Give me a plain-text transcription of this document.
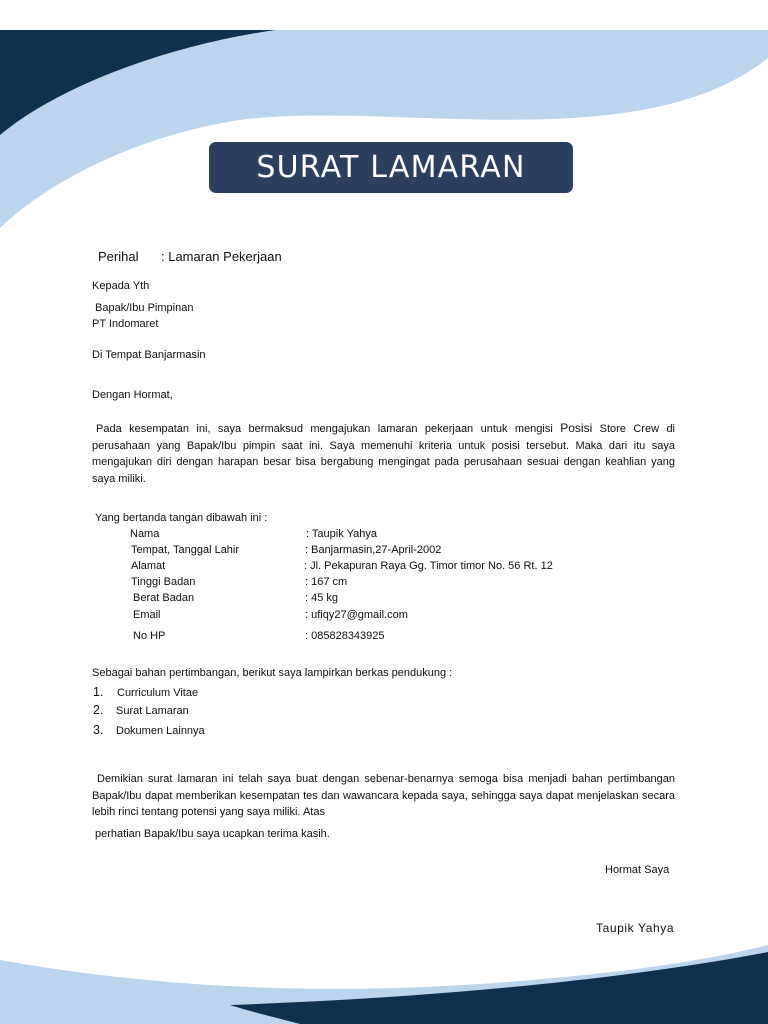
SURAT LAMARAN
Perihal : Lamaran Pekerjaan
Kepada Yth
Bapak/Ibu Pimpinan
PT Indomaret
Di Tempat Banjarmasin
Dengan Hormat,
Pada kesempatan ini, saya bermaksud mengajukan lamaran pekerjaan untuk mengisi Posisi Store Crew di perusahaan yang Bapak/Ibu pimpin saat ini. Saya memenuhi kriteria untuk posisi tersebut. Maka dari itu saya mengajukan diri dengan harapan besar bisa bergabung mengingat pada perusahaan sesuai dengan keahlian yang saya miliki.
Yang bertanda tangan dibawah ini :
Nama	: Taupik Yahya
Tempat, Tanggal Lahir	: Banjarmasin,27-April-2002
Alamat	: Jl. Pekapuran Raya Gg. Timor timor No. 56 Rt. 12
Tinggi Badan	: 167 cm
Berat Badan	: 45 kg
Email	: ufiqy27@gmail.com
No HP	: 085828343925
Sebagai bahan pertimbangan, berikut saya lampirkan berkas pendukung :
1. Curriculum Vitae
2. Surat Lamaran
3. Dokumen Lainnya
Demikian surat lamaran ini telah saya buat dengan sebenar-benarnya semoga bisa menjadi bahan pertimbangan Bapak/Ibu dapat memberikan kesempatan tes dan wawancara kepada saya, sehingga saya dapat menjelaskan secara lebih rinci tentang potensi yang saya miliki. Atas
perhatian Bapak/Ibu saya ucapkan terima kasih.
Hormat Saya
Taupik Yahya
